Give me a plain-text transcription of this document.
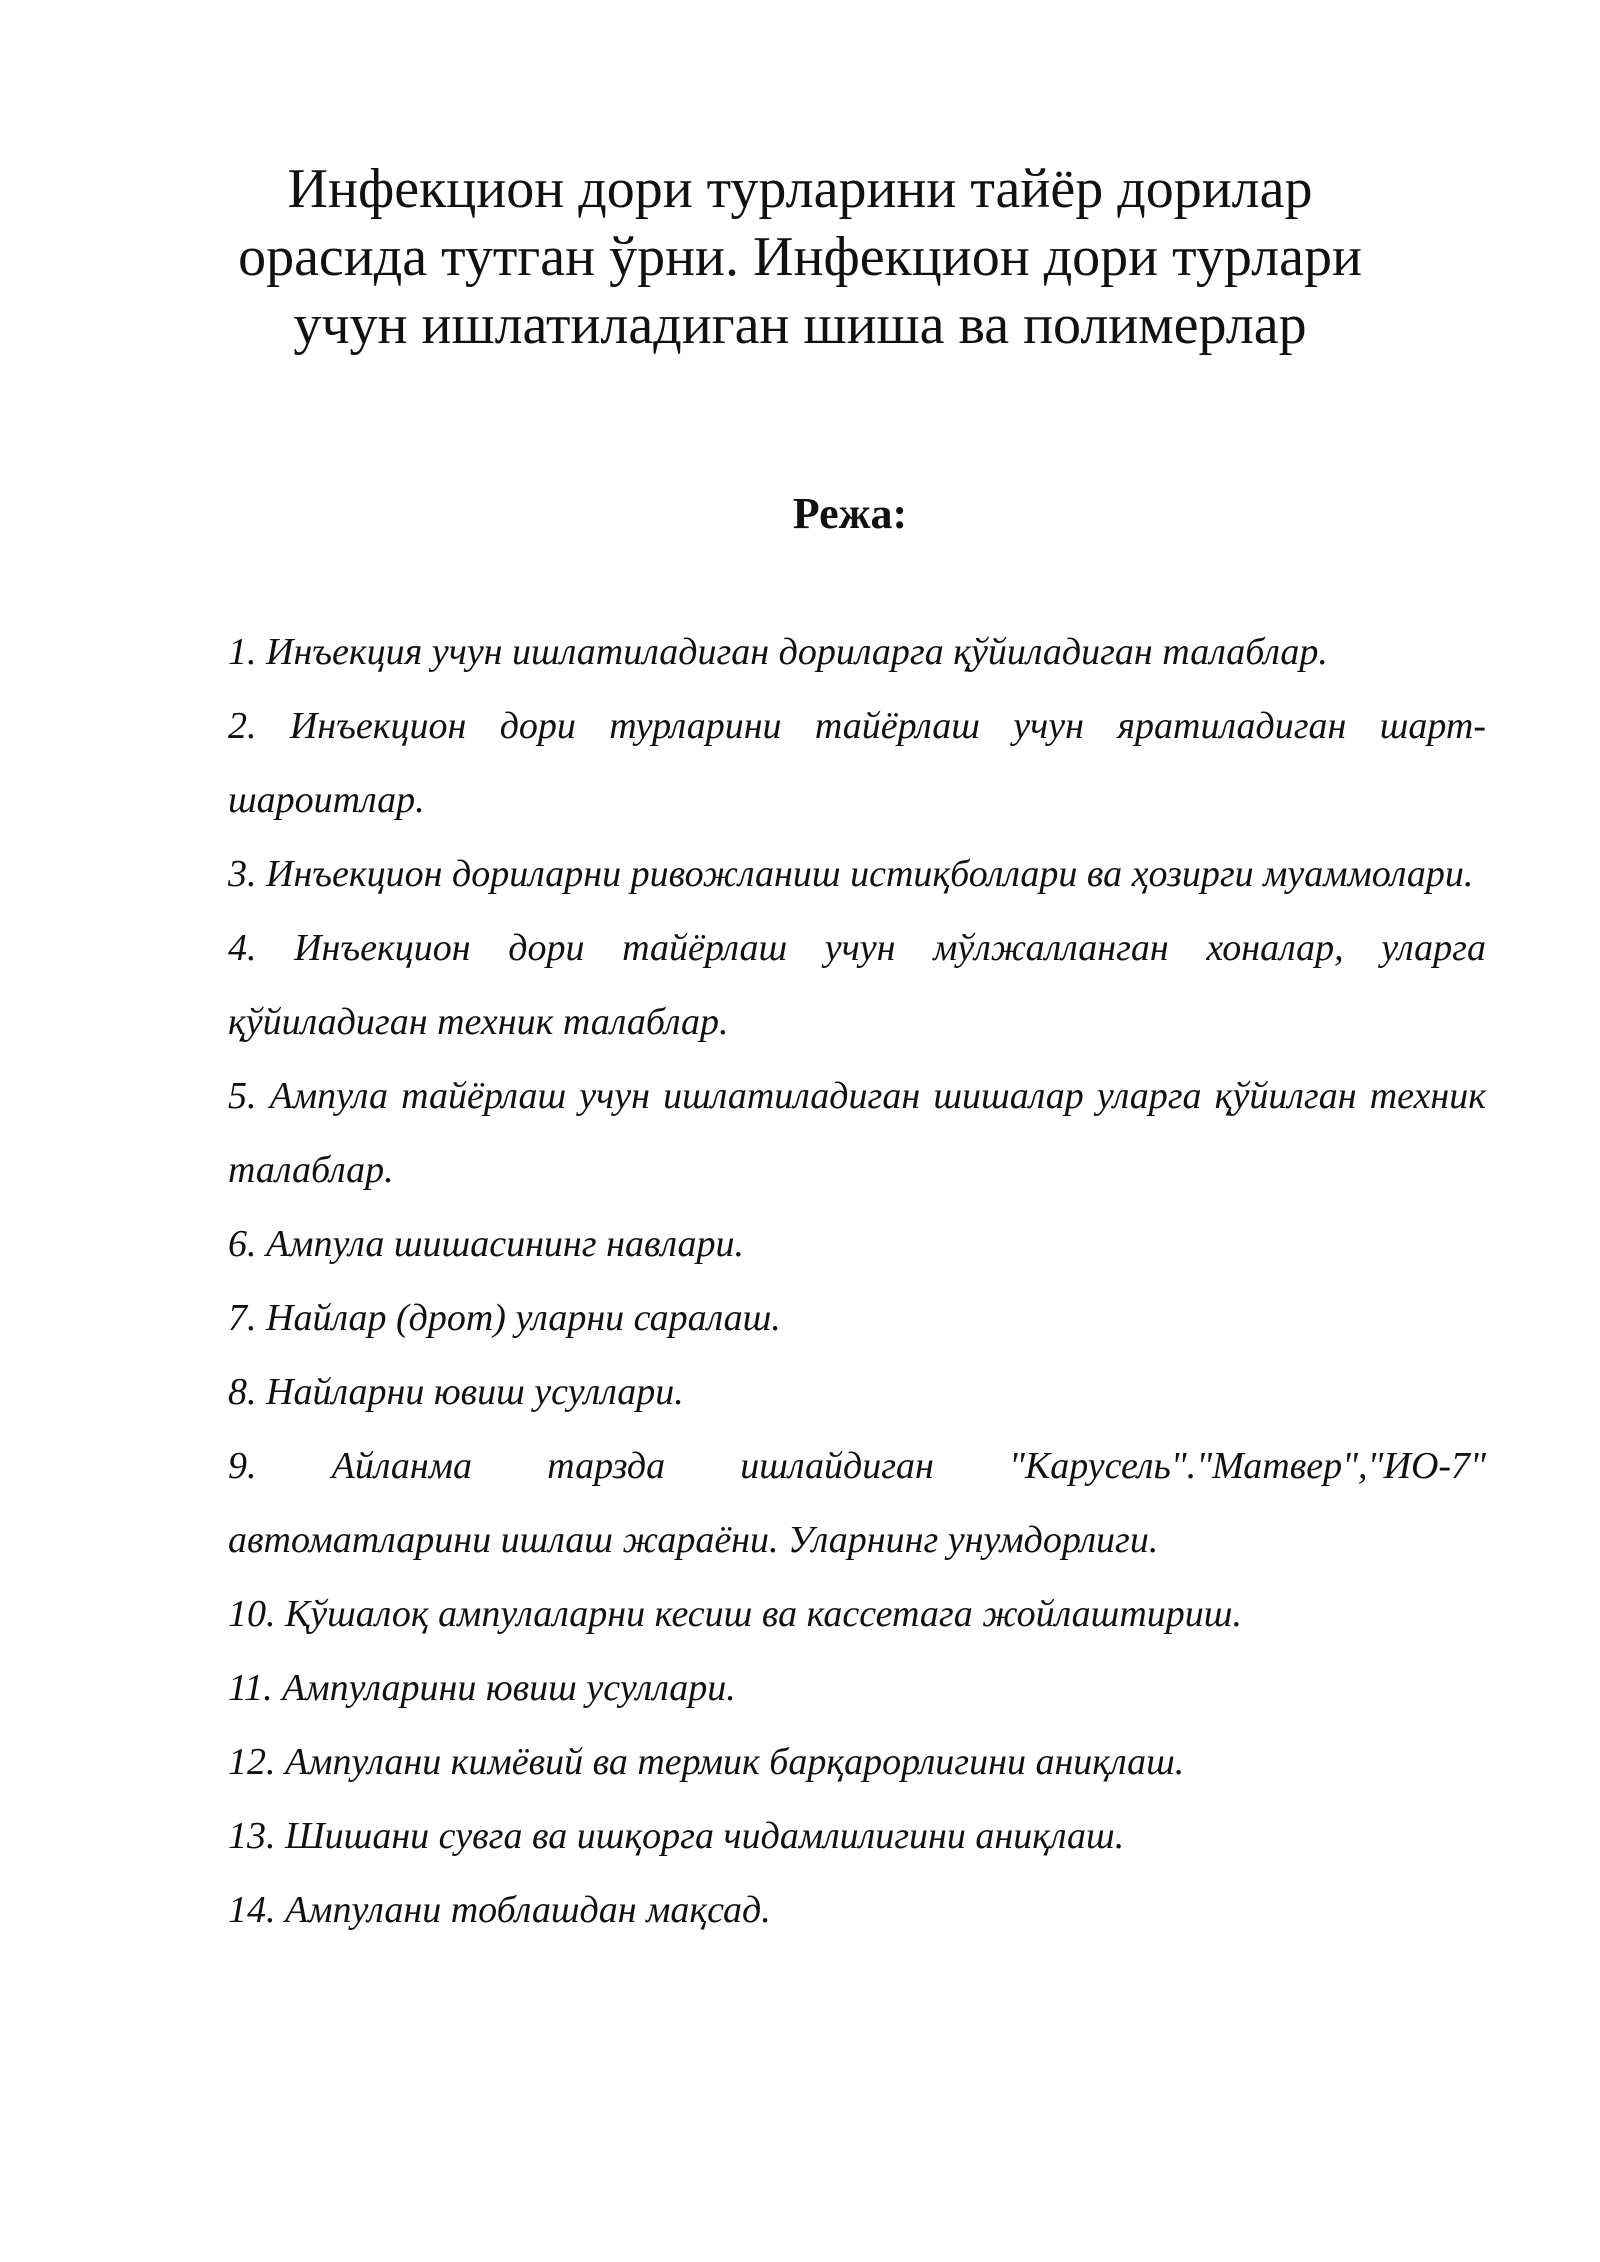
Инфекцион дори турларини тайёр дорилар
орасида тутган ўрни. Инфекцион дори турлари
учун ишлатиладиган шиша ва полимерлар
Режа:
1. Инъекция учун ишлатиладиган дориларга қўйиладиган талаблар.
2. Инъекцион дори турларини тайёрлаш учун яратиладиган шарт-шароитлар.
3. Инъекцион дориларни ривожланиш истиқболлари ва ҳозирги муаммолари.
4. Инъекцион дори тайёрлаш учун мўлжалланган хоналар, уларга қўйиладиган техник талаблар.
5. Ампула тайёрлаш учун ишлатиладиган шишалар уларга қўйилган техник талаблар.
6. Ампула шишасининг навлари.
7. Найлар (дрот) уларни саралаш.
8. Найларни ювиш усуллари.
9. Айланма тарзда ишлайдиган "Карусель"."Матвер","ИО-7" автоматларини ишлаш жараёни. Уларнинг унумдорлиги.
10. Қўшалоқ ампулаларни кесиш ва кассетага жойлаштириш.
11. Ампуларини ювиш усуллари.
12. Ампулани кимёвий ва термик барқарорлигини аниқлаш.
13. Шишани сувга ва ишқорга чидамлилигини аниқлаш.
14. Ампулани тоблашдан мақсад.
